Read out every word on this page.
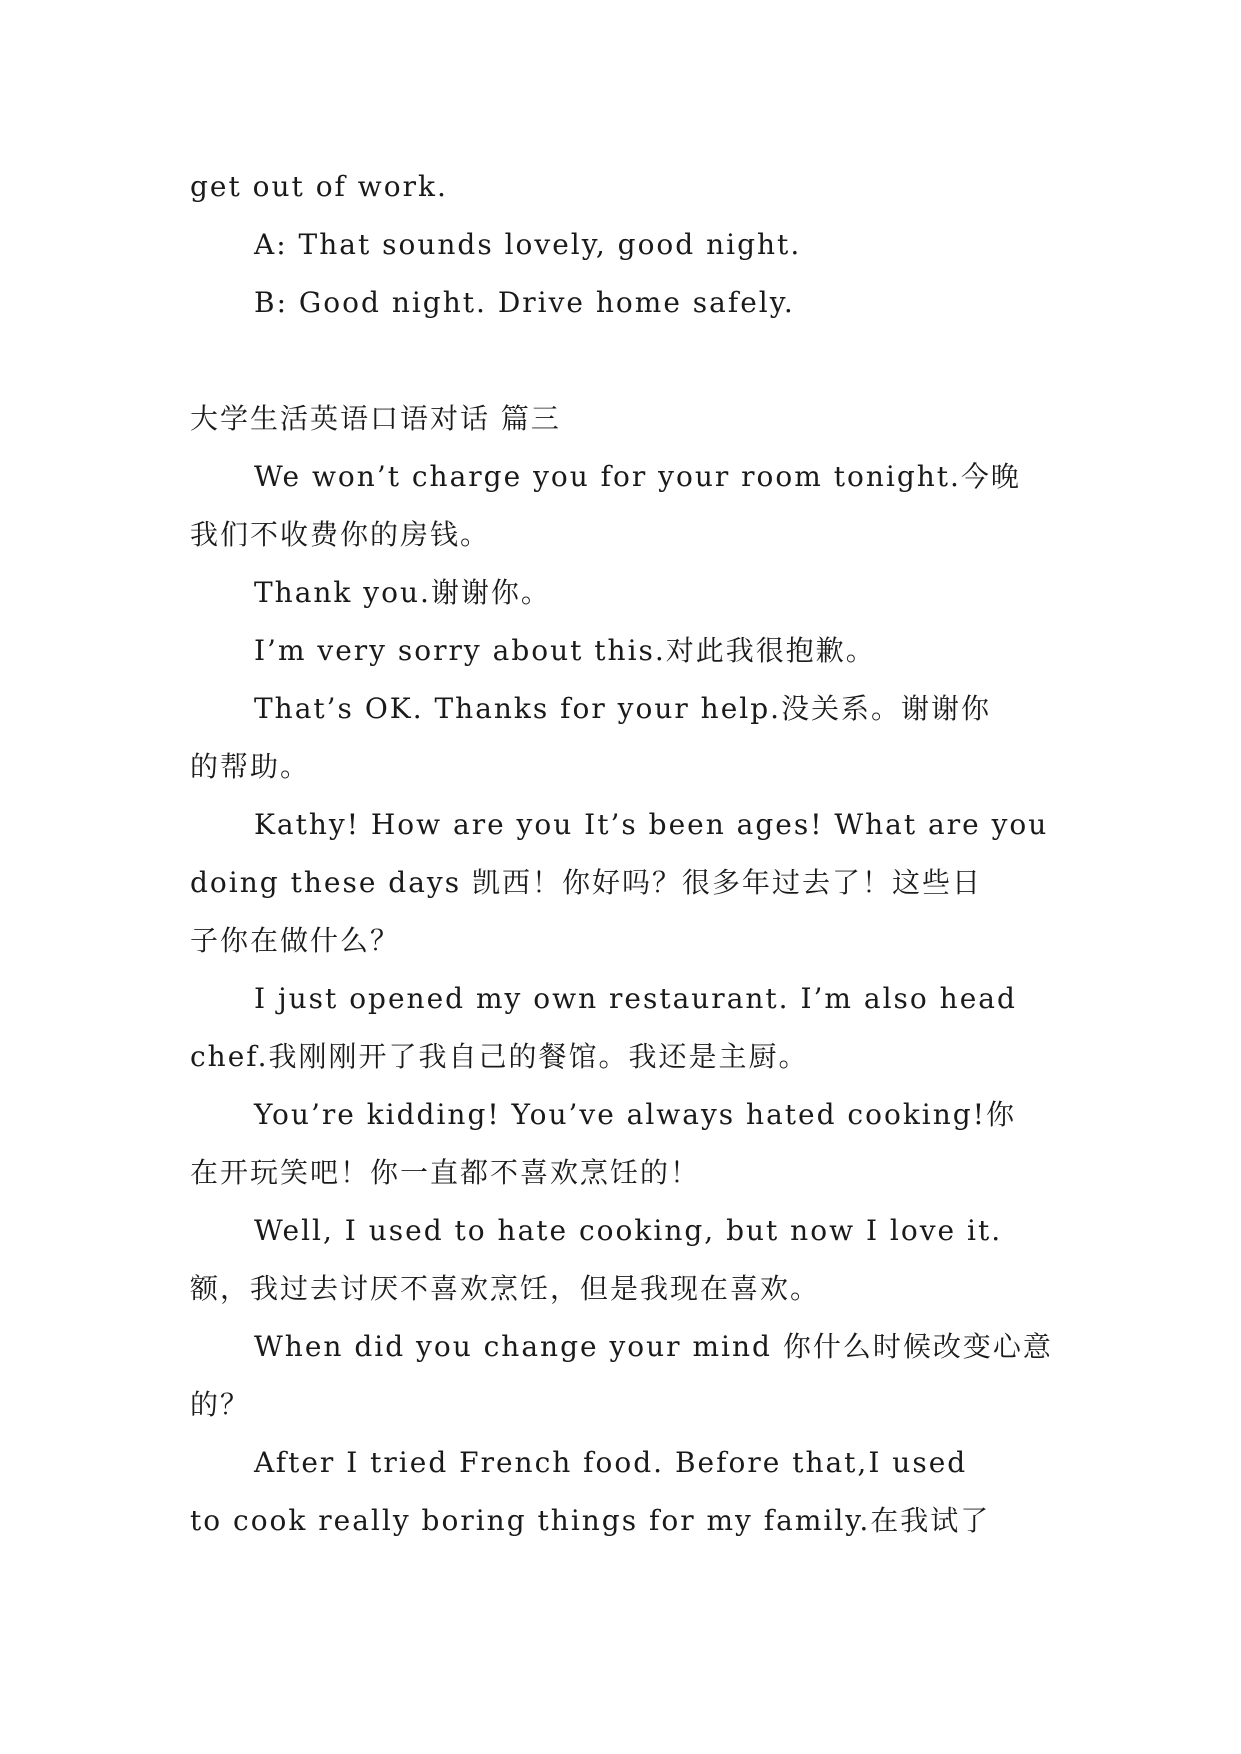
get out of work.
A: That sounds lovely, good night.
B: Good night. Drive home safely.
大学生活英语口语对话 篇三
We won’t charge you for your room tonight.今晚
我们不收费你的房钱。
Thank you.谢谢你。
I’m very sorry about this.对此我很抱歉。
That’s OK. Thanks for your help.没关系。谢谢你
的帮助。
Kathy! How are you It’s been ages! What are you
doing these days 凯西！你好吗？很多年过去了！这些日
子你在做什么？
I just opened my own restaurant. I’m also head
chef.我刚刚开了我自己的餐馆。我还是主厨。
You’re kidding! You’ve always hated cooking!你
在开玩笑吧！你一直都不喜欢烹饪的！
Well, I used to hate cooking, but now I love it.
额，我过去讨厌不喜欢烹饪，但是我现在喜欢。
When did you change your mind 你什么时候改变心意
的？
After I tried French food. Before that,I used
to cook really boring things for my family.在我试了
